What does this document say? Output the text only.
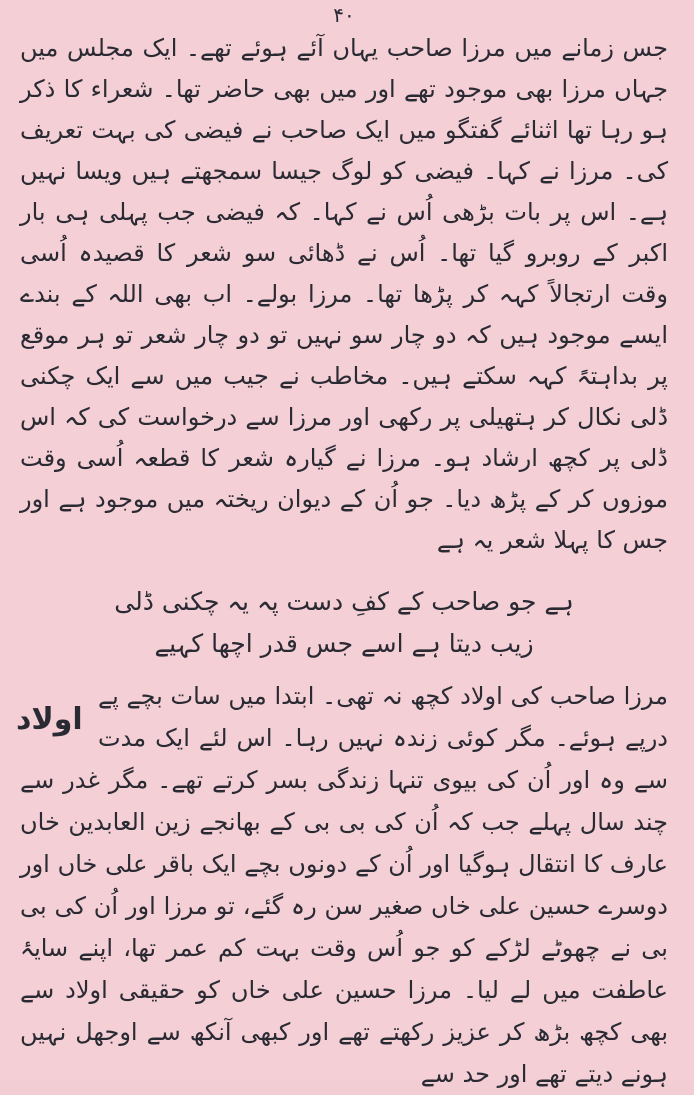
۴۰

جس زمانے میں مرزا صاحب یہاں آئے ہوئے تھے۔ ایک مجلس میں جہاں مرزا بھی موجود تھے اور میں بھی حاضر تھا۔ شعراء کا ذکر ہو رہا تھا اثنائے گفتگو میں ایک صاحب نے فیضی کی بہت تعریف کی۔ مرزا نے کہا۔ فیضی کو لوگ جیسا سمجھتے ہیں ویسا نہیں ہے۔ اس پر بات بڑھی اُس نے کہا۔ کہ فیضی جب پہلی ہی بار اکبر کے روبرو گیا تھا۔ اُس نے ڈھائی سو شعر کا قصیدہ اُسی وقت ارتجالاً کہہ کر پڑھا تھا۔ مرزا بولے۔ اب بھی اللہ کے بندے ایسے موجود ہیں کہ دو چار سو نہیں تو دو چار شعر تو ہر موقع پر بداہتہً کہہ سکتے ہیں۔ مخاطب نے جیب میں سے ایک چکنی ڈلی نکال کر ہتھیلی پر رکھی اور مرزا سے درخواست کی کہ اس ڈلی پر کچھ ارشاد ہو۔ مرزا نے گیارہ شعر کا قطعہ اُسی وقت موزوں کر کے پڑھ دیا۔ جو اُن کے دیوان ریختہ میں موجود ہے اور جس کا پہلا شعر یہ ہے

ہے جو صاحب کے کفِ دست پہ یہ چکنی ڈلی
زیب دیتا ہے اسے جس قدر اچھا کہیے
اولاد
مرزا صاحب کی اولاد کچھ نہ تھی۔ ابتدا میں سات بچے پے درپے ہوئے۔ مگر کوئی زندہ نہیں رہا۔ اس لئے ایک مدت سے وہ اور اُن کی بیوی تنہا زندگی بسر کرتے تھے۔ مگر غدر سے چند سال پہلے جب کہ اُن کی بی بی کے بھانجے زین العابدین خاں عارف کا انتقال ہوگیا اور اُن کے دونوں بچے ایک باقر علی خاں اور دوسرے حسین علی خاں صغیر سن رہ گئے، تو مرزا اور اُن کی بی بی نے چھوٹے لڑکے کو جو اُس وقت بہت کم عمر تھا، اپنے سایۂ عاطفت میں لے لیا۔ مرزا حسین علی خاں کو حقیقی اولاد سے بھی کچھ بڑھ کر عزیز رکھتے تھے اور کبھی آنکھ سے اوجھل نہیں ہونے دیتے تھے اور حد سے
